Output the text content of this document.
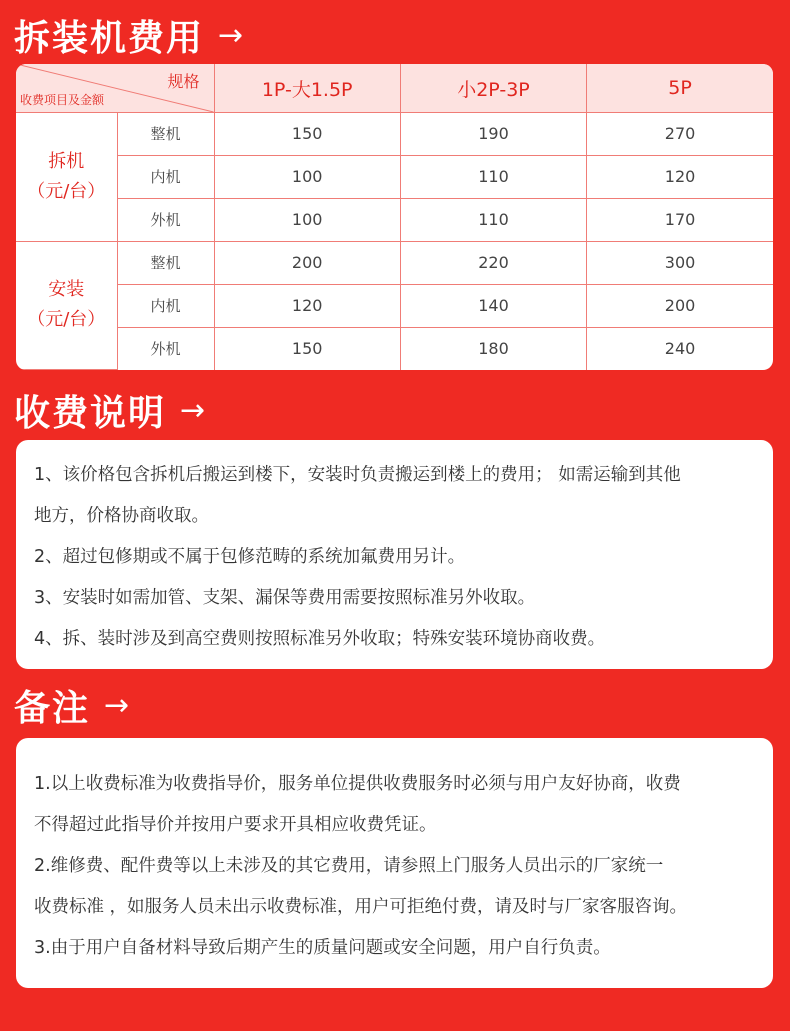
拆装机费用 →
规格
收费项目及金额		1P-大1.5P	小2P-3P	5P

拆机
（元/台）	整机	150	190	270
	内机	100	110	120
	外机	100	110	170

安装
（元/台）	整机	200	220	300
	内机	120	140	200
	外机	150	180	240
收费说明 →

1、该价格包含拆机后搬运到楼下，安装时负责搬运到楼上的费用； 如需运输到其他

地方，价格协商收取。

2、超过包修期或不属于包修范畴的系统加氟费用另计。

3、安装时如需加管、支架、漏保等费用需要按照标准另外收取。

4、拆、装时涉及到高空费则按照标准另外收取；特殊安装环境协商收费。

备注 →

1.以上收费标准为收费指导价，服务单位提供收费服务时必须与用户友好协商，收费

不得超过此指导价并按用户要求开具相应收费凭证。

2.维修费、配件费等以上未涉及的其它费用，请参照上门服务人员出示的厂家统一

收费标准 ，如服务人员未出示收费标准，用户可拒绝付费，请及时与厂家客服咨询。

3.由于用户自备材料导致后期产生的质量问题或安全问题，用户自行负责。
